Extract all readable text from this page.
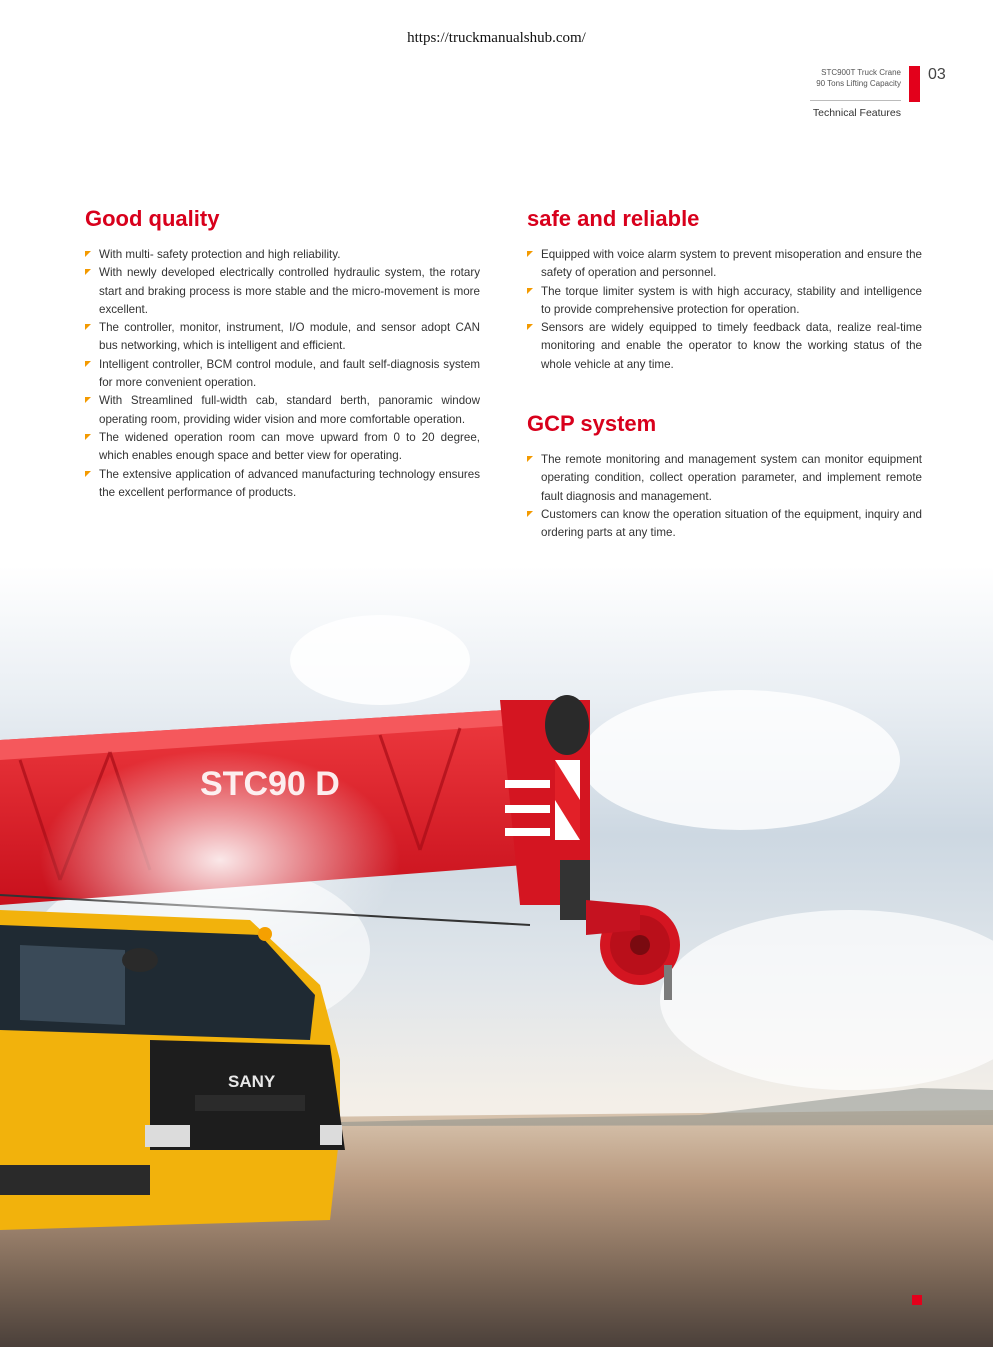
STC90 D
SANY
https://truckmanualshub.com/
STC900T Truck Crane
90 Tons Lifting Capacity
Technical Features
03
Good quality
With multi- safety protection and high reliability.
With newly developed electrically controlled hydraulic system, the rotary start and braking process is more stable and the micro-movement is more excellent.
The controller, monitor, instrument, I/O module, and sensor adopt CAN bus networking, which is intelligent and efficient.
Intelligent controller, BCM control module, and fault self-diagnosis system for more convenient operation.
With Streamlined full-width cab, standard berth, panoramic window operating room, providing wider vision and more comfortable operation.
The widened operation room can move upward from 0 to 20 degree, which enables enough space and better view for operating.
The extensive application of advanced manufacturing technology ensures the excellent performance of products.
safe and reliable
Equipped with voice alarm system to prevent misoperation and ensure the safety of operation and personnel.
The torque limiter system is with high accuracy, stability and intelligence to provide comprehensive protection for operation.
Sensors are widely equipped to timely feedback data, realize real-time monitoring and enable the operator to know the working status of the whole vehicle at any time.
GCP system
The remote monitoring and management system can monitor equipment operating condition, collect operation parameter, and implement remote fault diagnosis and management.
Customers can know the operation situation of the equipment, inquiry and ordering parts at any time.
